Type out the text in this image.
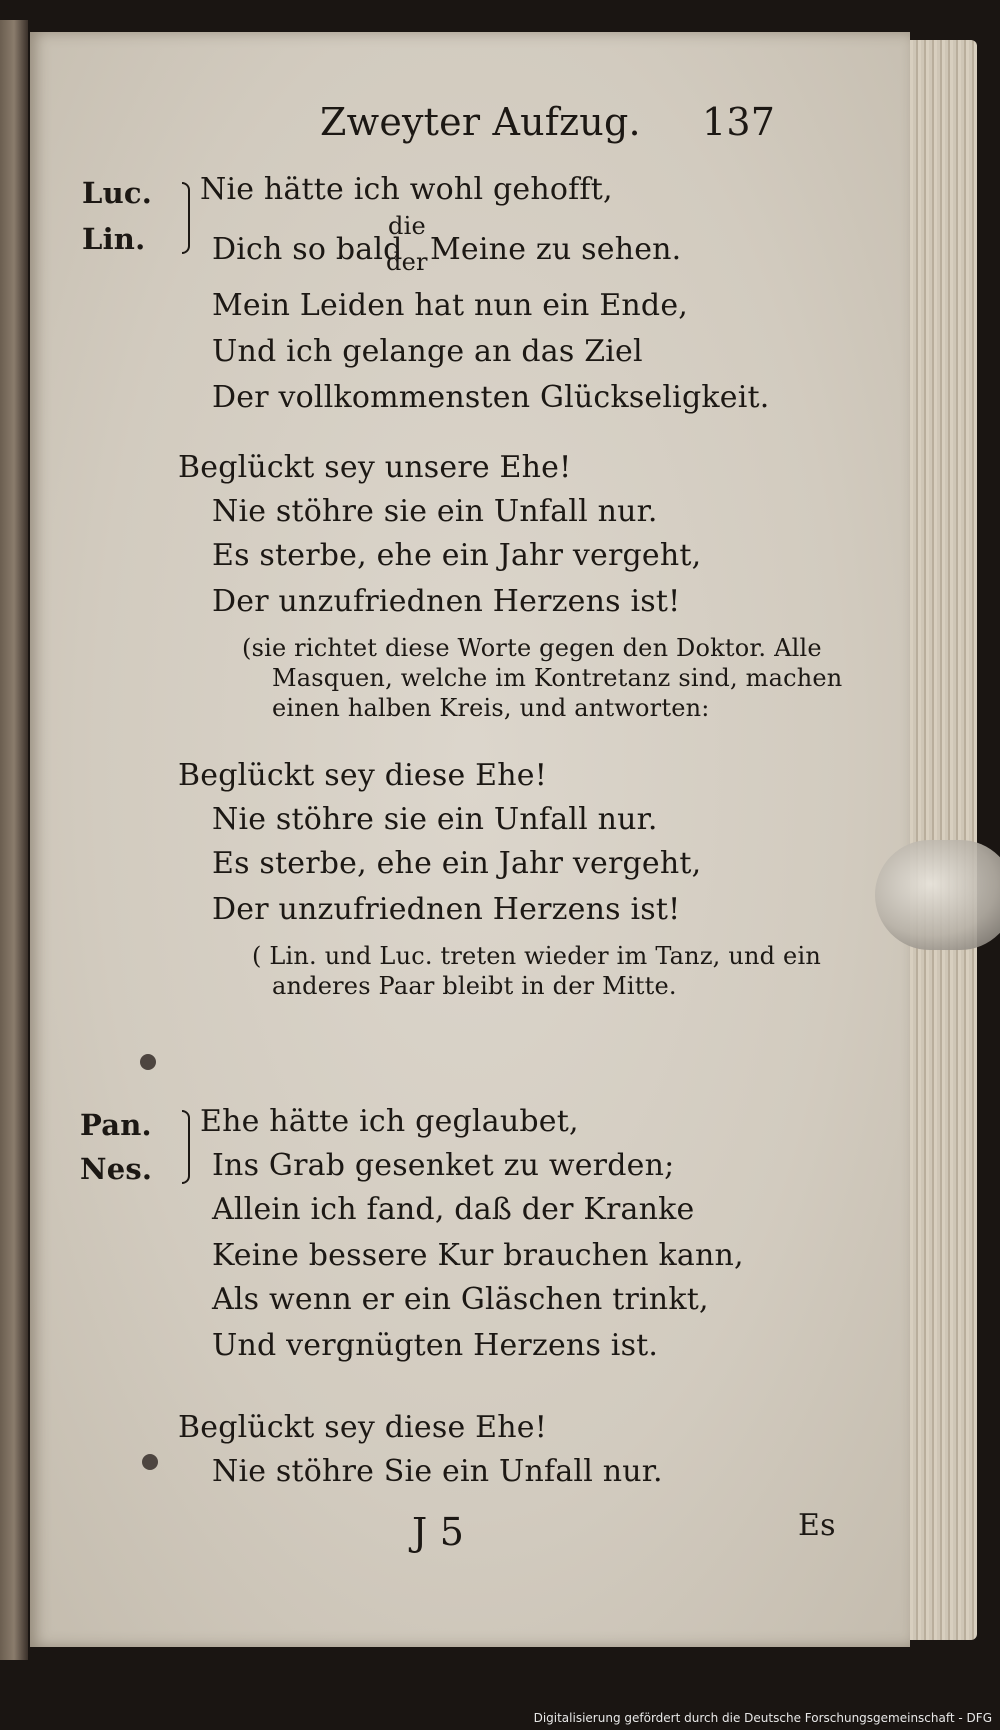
Zweyter Aufzug. 137
Luc.
Lin.
Nie hätte ich wohl gehofft,
Dich so bald
die
der Meine zu sehen.
Mein Leiden hat nun ein Ende,
Und ich gelange an das Ziel
Der vollkommensten Glückseligkeit.
Beglückt sey unsere Ehe!
Nie stöhre sie ein Unfall nur.
Es sterbe, ehe ein Jahr vergeht,
Der unzufriednen Herzens ist!
(sie richtet diese Worte gegen den Doktor. Alle
Masquen, welche im Kontretanz sind, machen
einen halben Kreis, und antworten:
Beglückt sey diese Ehe!
Nie stöhre sie ein Unfall nur.
Es sterbe, ehe ein Jahr vergeht,
Der unzufriednen Herzens ist!
( Lin. und Luc. treten wieder im Tanz, und ein
anderes Paar bleibt in der Mitte.
Pan.
Nes.
Ehe hätte ich geglaubet,
Ins Grab gesenket zu werden;
Allein ich fand, daß der Kranke
Keine bessere Kur brauchen kann,
Als wenn er ein Gläschen trinkt,
Und vergnügten Herzens ist.
Beglückt sey diese Ehe!
Nie stöhre Sie ein Unfall nur.
J 5	Es
Digitalisierung gefördert durch die Deutsche Forschungsgemeinschaft - DFG
